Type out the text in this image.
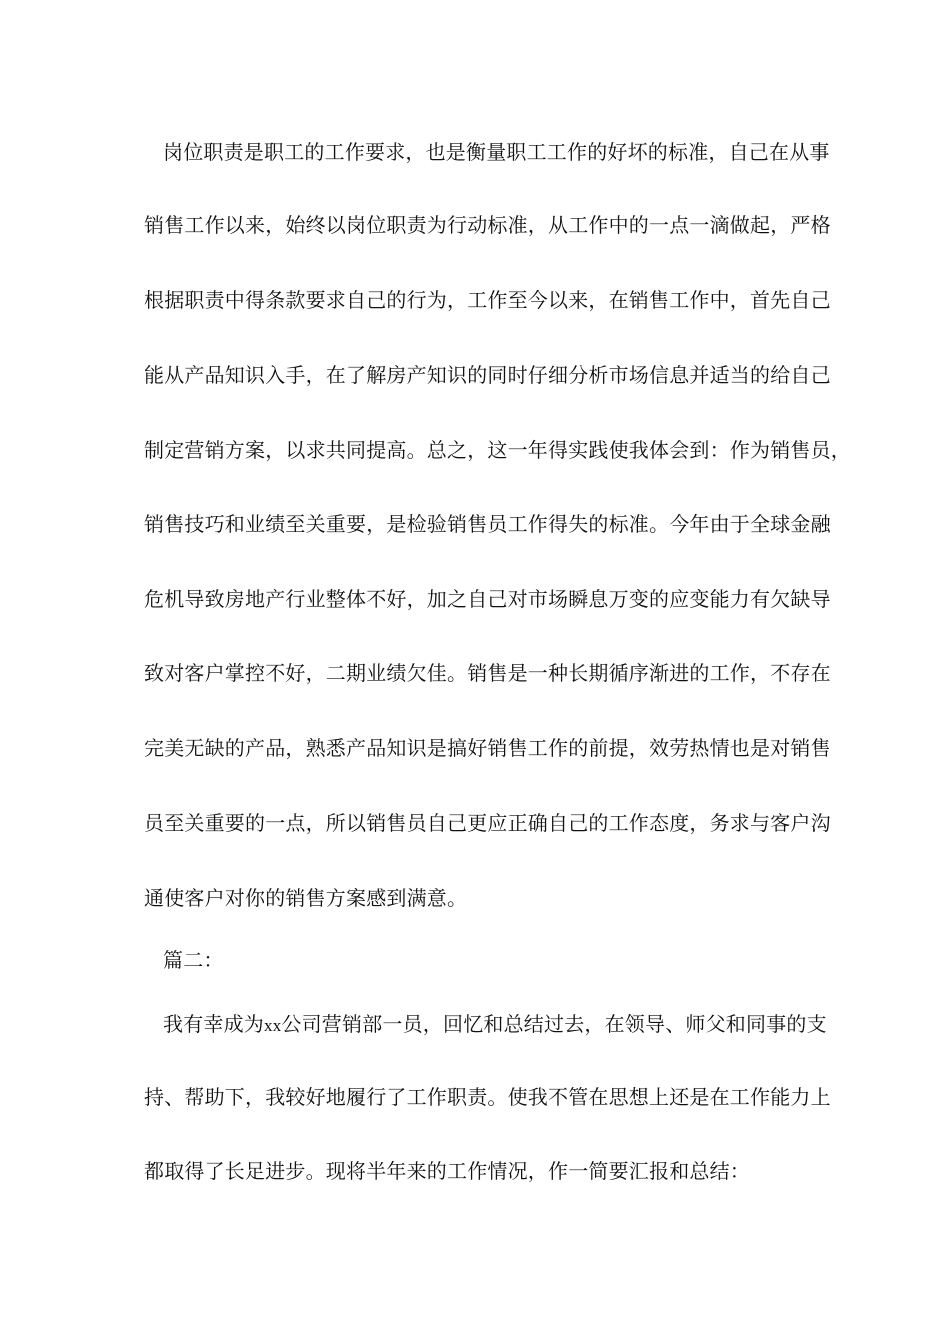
岗位职责是职工的工作要求，也是衡量职工工作的好坏的标准，自己在从事
销售工作以来，始终以岗位职责为行动标准，从工作中的一点一滴做起，严格
根据职责中得条款要求自己的行为，工作至今以来，在销售工作中，首先自己
能从产品知识入手，在了解房产知识的同时仔细分析市场信息并适当的给自己
制定营销方案，以求共同提高。总之，这一年得实践使我体会到：作为销售员，
销售技巧和业绩至关重要，是检验销售员工作得失的标准。今年由于全球金融
危机导致房地产行业整体不好，加之自己对市场瞬息万变的应变能力有欠缺导
致对客户掌控不好，二期业绩欠佳。销售是一种长期循序渐进的工作，不存在
完美无缺的产品，熟悉产品知识是搞好销售工作的前提，效劳热情也是对销售
员至关重要的一点，所以销售员自己更应正确自己的工作态度，务求与客户沟
通使客户对你的销售方案感到满意。
篇二：
我有幸成为xx公司营销部一员，回忆和总结过去，在领导、师父和同事的支
持、帮助下，我较好地履行了工作职责。使我不管在思想上还是在工作能力上
都取得了长足进步。现将半年来的工作情况，作一简要汇报和总结：
